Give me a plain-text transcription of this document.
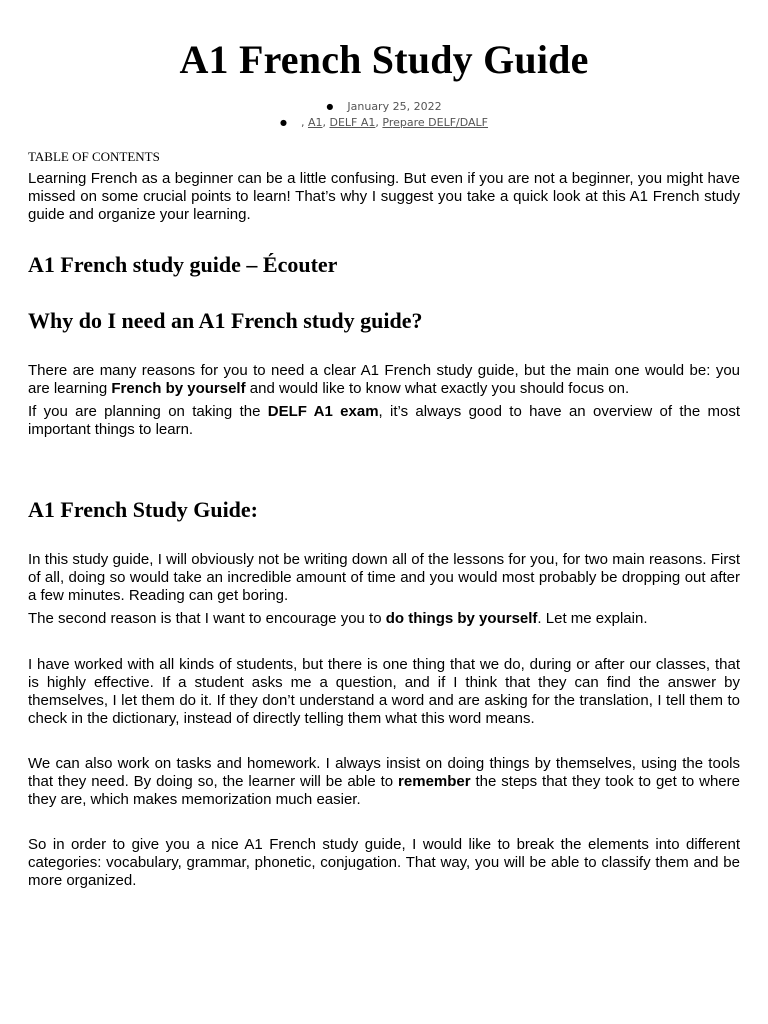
A1 French Study Guide
● January 25, 2022
● , A1, DELF A1, Prepare DELF/DALF
TABLE OF CONTENTS

Learning French as a beginner can be a little confusing. But even if you are not a beginner, you might have missed on some crucial points to learn! That’s why I suggest you take a quick look at this A1 French study guide and organize your learning.

A1 French study guide – Écouter
Why do I need an A1 French study guide?

There are many reasons for you to need a clear A1 French study guide, but the main one would be: you are learning French by yourself and would like to know what exactly you should focus on.

If you are planning on taking the DELF A1 exam, it’s always good to have an overview of the most important things to learn.

A1 French Study Guide:

In this study guide, I will obviously not be writing down all of the lessons for you, for two main reasons. First of all, doing so would take an incredible amount of time and you would most probably be dropping out after a few minutes. Reading can get boring.

The second reason is that I want to encourage you to do things by yourself. Let me explain.

I have worked with all kinds of students, but there is one thing that we do, during or after our classes, that is highly effective. If a student asks me a question, and if I think that they can find the answer by themselves, I let them do it. If they don’t understand a word and are asking for the translation, I tell them to check in the dictionary, instead of directly telling them what this word means.

We can also work on tasks and homework. I always insist on doing things by themselves, using the tools that they need. By doing so, the learner will be able to remember the steps that they took to get to where they are, which makes memorization much easier.

So in order to give you a nice A1 French study guide, I would like to break the elements into different categories: vocabulary, grammar, phonetic, conjugation. That way, you will be able to classify them and be more organized.
